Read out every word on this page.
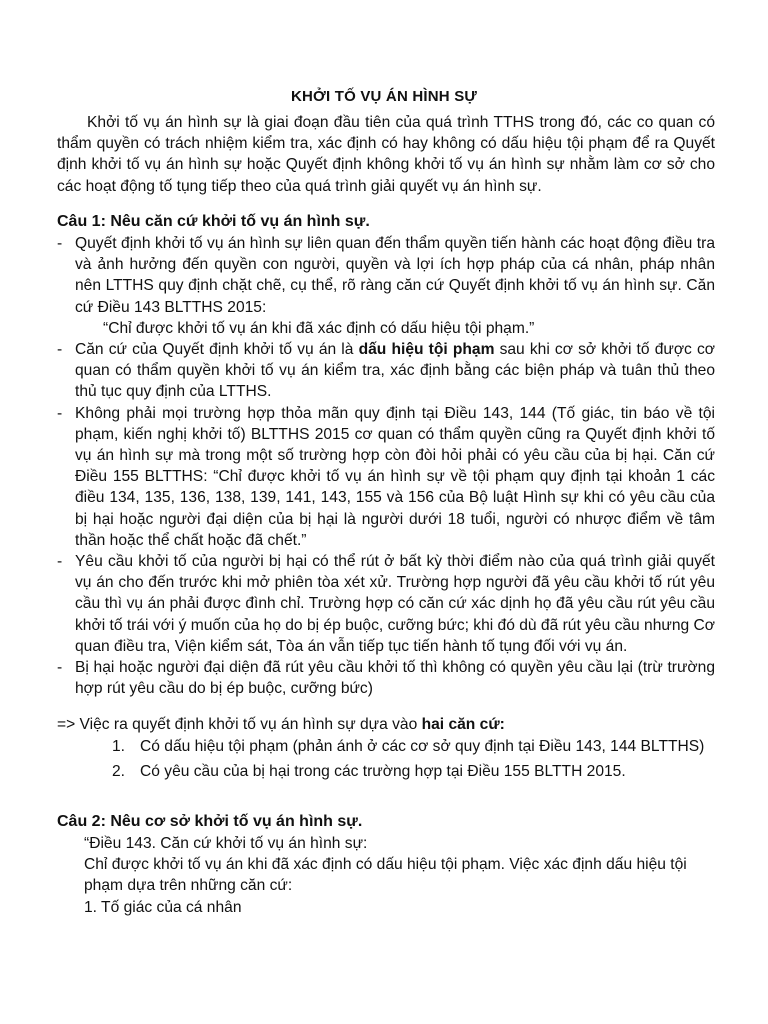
KHỞI TỐ VỤ ÁN HÌNH SỰ
Khởi tố vụ án hình sự là giai đoạn đầu tiên của quá trình TTHS trong đó, các co quan có thẩm quyền có trách nhiệm kiểm tra, xác định có hay không có dấu hiệu tội phạm để ra Quyết định khởi tố vụ án hình sự hoặc Quyết định không khởi tố vụ án hình sự nhằm làm cơ sở cho các hoạt động tố tụng tiếp theo của quá trình giải quyết vụ án hình sự.
Câu 1: Nêu căn cứ khởi tố vụ án hình sự.
- Quyết định khởi tố vụ án hình sự liên quan đến thẩm quyền tiến hành các hoạt động điều tra và ảnh hưởng đến quyền con người, quyền và lợi ích hợp pháp của cá nhân, pháp nhân nên LTTHS quy định chặt chẽ, cụ thể, rõ ràng căn cứ Quyết định khởi tố vụ án hình sự. Căn cứ Điều 143 BLTTHS 2015:
“Chỉ được khởi tố vụ án khi đã xác định có dấu hiệu tội phạm.”
- Căn cứ của Quyết định khởi tố vụ án là dấu hiệu tội phạm sau khi cơ sở khởi tố được cơ quan có thẩm quyền khởi tố vụ án kiểm tra, xác định bằng các biện pháp và tuân thủ theo thủ tục quy định của LTTHS.
- Không phải mọi trường hợp thỏa mãn quy định tại Điều 143, 144 (Tố giác, tin báo về tội phạm, kiến nghị khởi tố) BLTTHS 2015 cơ quan có thẩm quyền cũng ra Quyết định khởi tố vụ án hình sự mà trong một số trường hợp còn đòi hỏi phải có yêu cầu của bị hại. Căn cứ Điều 155 BLTTHS: “Chỉ được khởi tố vụ án hình sự về tội phạm quy định tại khoản 1 các điều 134, 135, 136, 138, 139, 141, 143, 155 và 156 của Bộ luật Hình sự khi có yêu cầu của bị hại hoặc người đại diện của bị hại là người dưới 18 tuổi, người có nhược điểm về tâm thần hoặc thể chất hoặc đã chết.”
- Yêu cầu khởi tố của người bị hại có thể rút ở bất kỳ thời điểm nào của quá trình giải quyết vụ án cho đến trước khi mở phiên tòa xét xử. Trường hợp người đã yêu cầu khởi tố rút yêu cầu thì vụ án phải được đình chỉ. Trường hợp có căn cứ xác dịnh họ đã yêu cầu rút yêu cầu khởi tố trái với ý muốn của họ do bị ép buộc, cưỡng bức; khi đó dù đã rút yêu cầu nhưng Cơ quan điều tra, Viện kiểm sát, Tòa án vẫn tiếp tục tiến hành tố tụng đối với vụ án.
- Bị hại hoặc người đại diện đã rút yêu cầu khởi tố thì không có quyền yêu cầu lại (trừ trường hợp rút yêu cầu do bị ép buộc, cưỡng bức)
=> Việc ra quyết định khởi tố vụ án hình sự dựa vào hai căn cứ:
1. Có dấu hiệu tội phạm (phản ánh ở các cơ sở quy định tại Điều 143, 144 BLTTHS)
2. Có yêu cầu của bị hại trong các trường hợp tại Điều 155 BLTTH 2015.
Câu 2: Nêu cơ sở khởi tố vụ án hình sự.

“Điều 143. Căn cứ khởi tố vụ án hình sự:

Chỉ được khởi tố vụ án khi đã xác định có dấu hiệu tội phạm. Việc xác định dấu hiệu tội phạm dựa trên những căn cứ:

1. Tố giác của cá nhân
